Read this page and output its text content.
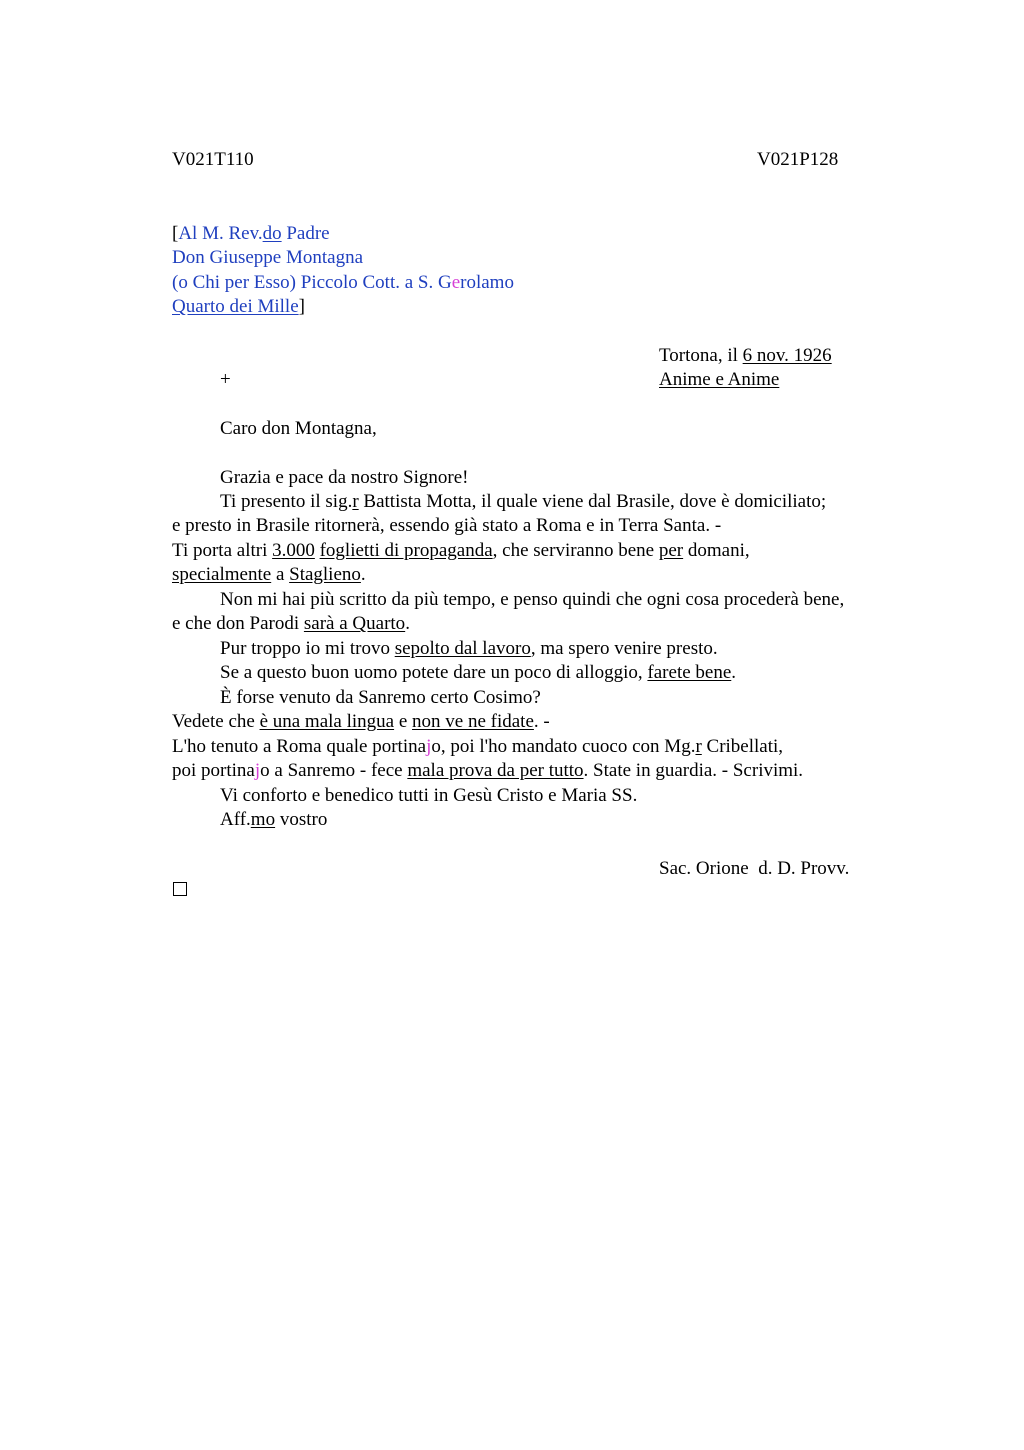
V021T110	V021P128
[Al M. Rev.do Padre
Don Giuseppe Montagna
(o Chi per Esso) Piccolo Cott. a S. Gerolamo
Quarto dei Mille]
Tortona, il 6 nov. 1926
+	Anime e Anime
Caro don Montagna,
Grazia e pace da nostro Signore!
Ti presento il sig.r Battista Motta, il quale viene dal Brasile, dove è domiciliato;
e presto in Brasile ritornerà, essendo già stato a Roma e in Terra Santa. -
Ti porta altri 3.000 foglietti di propaganda, che serviranno bene per domani,
specialmente a Staglieno.
Non mi hai più scritto da più tempo, e penso quindi che ogni cosa procederà bene,
e che don Parodi sarà a Quarto.
Pur troppo io mi trovo sepolto dal lavoro, ma spero venire presto.
Se a questo buon uomo potete dare un poco di alloggio, farete bene.
È forse venuto da Sanremo certo Cosimo?
Vedete che è una mala lingua e non ve ne fidate. -
L'ho tenuto a Roma quale portinajo, poi l'ho mandato cuoco con Mg.r Cribellati,
poi portinajo a Sanremo - fece mala prova da per tutto. State in guardia. - Scrivimi.
Vi conforto e benedico tutti in Gesù Cristo e Maria SS.
Aff.mo vostro
Sac. Orione  d. D. Provv.
